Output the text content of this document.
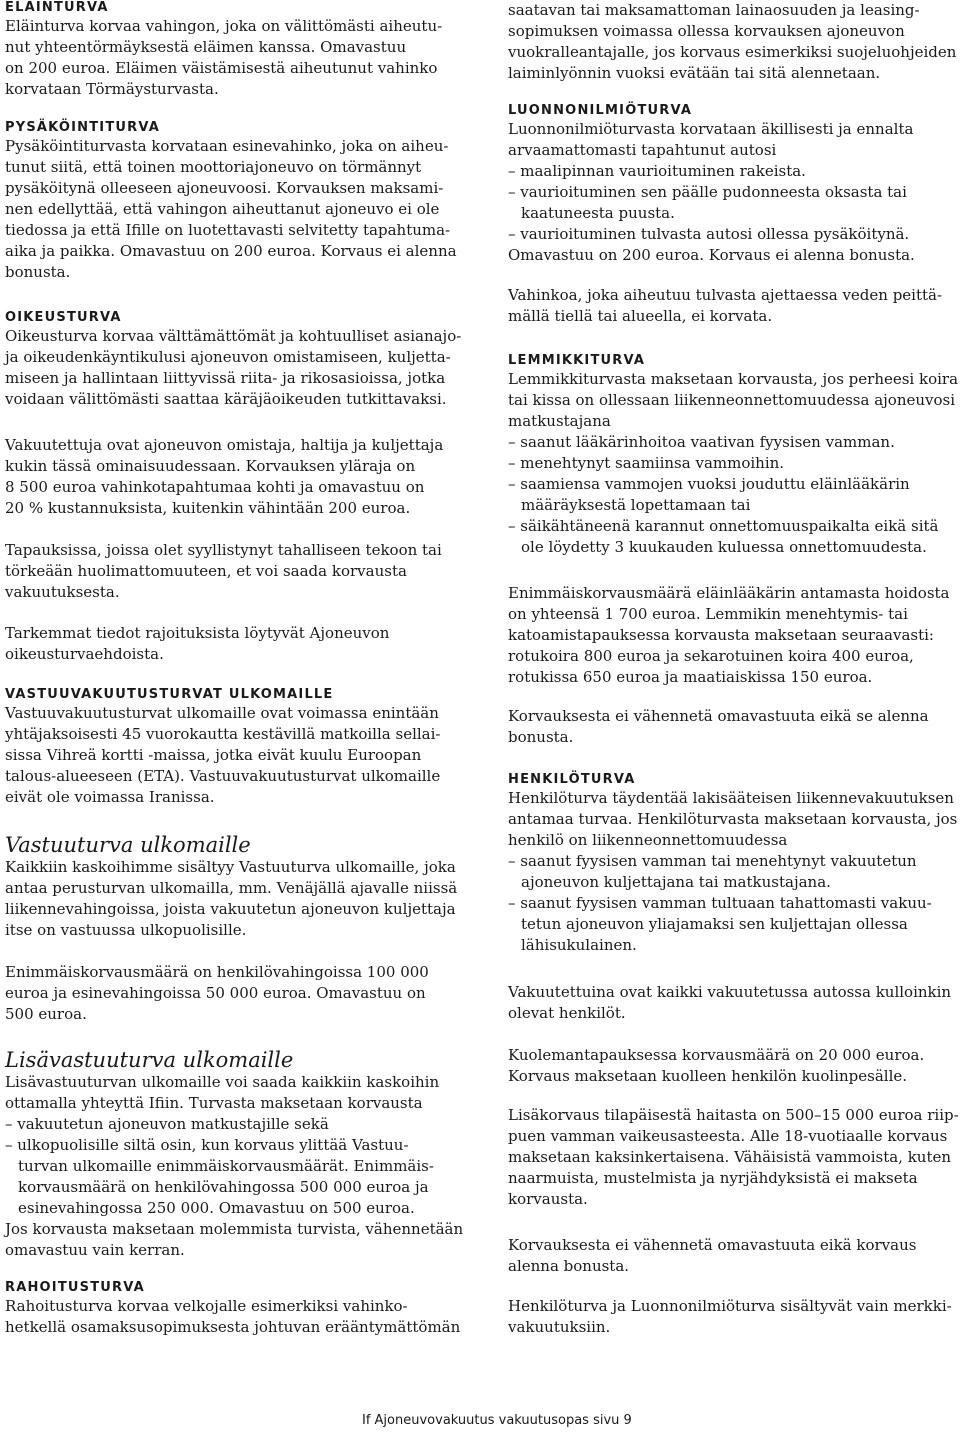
ELÄINTURVA
Eläinturva korvaa vahingon, joka on välittömästi aiheutu-
nut yhteentörmäyksestä eläimen kanssa. Omavastuu
on 200 euroa. Eläimen väistämisestä aiheutunut vahinko
korvataan Törmäysturvasta.
PYSÄKÖINTITURVA
Pysäköintiturvasta korvataan esinevahinko, joka on aiheu-
tunut siitä, että toinen moottoriajoneuvo on törmännyt
pysäköitynä olleeseen ajoneuvoosi. Korvauksen maksami-
nen edellyttää, että vahingon aiheuttanut ajoneuvo ei ole
tiedossa ja että Ifille on luotettavasti selvitetty tapahtuma-
aika ja paikka. Omavastuu on 200 euroa. Korvaus ei alenna
bonusta.
OIKEUSTURVA
Oikeusturva korvaa välttämättömät ja kohtuulliset asianajo-
ja oikeudenkäyntikulusi ajoneuvon omistamiseen, kuljetta-
miseen ja hallintaan liittyvissä riita- ja rikosasioissa, jotka
voidaan välittömästi saattaa käräjäoikeuden tutkittavaksi.
Vakuutettuja ovat ajoneuvon omistaja, haltija ja kuljettaja
kukin tässä ominaisuudessaan. Korvauksen yläraja on
8 500 euroa vahinkotapahtumaa kohti ja omavastuu on
20 % kustannuksista, kuitenkin vähintään 200 euroa.
Tapauksissa, joissa olet syyllistynyt tahalliseen tekoon tai
törkeään huolimattomuuteen, et voi saada korvausta
vakuutuksesta.
Tarkemmat tiedot rajoituksista löytyvät Ajoneuvon
oikeusturvaehdoista.
VASTUUVAKUUTUSTURVAT ULKOMAILLE
Vastuuvakuutusturvat ulkomaille ovat voimassa enintään
yhtäjaksoisesti 45 vuorokautta kestävillä matkoilla sellai-
sissa Vihreä kortti -maissa, jotka eivät kuulu Euroopan
talous-alueeseen (ETA). Vastuuvakuutusturvat ulkomaille
eivät ole voimassa Iranissa.
Vastuuturva ulkomaille
Kaikkiin kaskoihimme sisältyy Vastuuturva ulkomaille, joka
antaa perusturvan ulkomailla, mm. Venäjällä ajavalle niissä
liikennevahingoissa, joista vakuutetun ajoneuvon kuljettaja
itse on vastuussa ulkopuolisille.
Enimmäiskorvausmäärä on henkilövahingoissa 100 000
euroa ja esinevahingoissa 50 000 euroa. Omavastuu on
500 euroa.
Lisävastuuturva ulkomaille
Lisävastuuturvan ulkomaille voi saada kaikkiin kaskoihin
ottamalla yhteyttä Ifiin. Turvasta maksetaan korvausta
– vakuutetun ajoneuvon matkustajille sekä
– ulkopuolisille siltä osin, kun korvaus ylittää Vastuu-
turvan ulkomaille enimmäiskorvausmäärät. Enimmäis-
korvausmäärä on henkilövahingossa 500 000 euroa ja
esinevahingossa 250 000. Omavastuu on 500 euroa.
Jos korvausta maksetaan molemmista turvista, vähennetään
omavastuu vain kerran.
RAHOITUSTURVA
Rahoitusturva korvaa velkojalle esimerkiksi vahinko-
hetkellä osamaksusopimuksesta johtuvan erääntymättömän
saatavan tai maksamattoman lainaosuuden ja leasing-
sopimuksen voimassa ollessa korvauksen ajoneuvon
vuokralleantajalle, jos korvaus esimerkiksi suojeluohjeiden
laiminlyönnin vuoksi evätään tai sitä alennetaan.
LUONNONILMIÖTURVA
Luonnonilmiöturvasta korvataan äkillisesti ja ennalta
arvaamattomasti tapahtunut autosi
– maalipinnan vaurioituminen rakeista.
– vaurioituminen sen päälle pudonneesta oksasta tai
kaatuneesta puusta.
– vaurioituminen tulvasta autosi ollessa pysäköitynä.
Omavastuu on 200 euroa. Korvaus ei alenna bonusta.
Vahinkoa, joka aiheutuu tulvasta ajettaessa veden peittä-
mällä tiellä tai alueella, ei korvata.
LEMMIKKITURVA
Lemmikkiturvasta maksetaan korvausta, jos perheesi koira
tai kissa on ollessaan liikenneonnettomuudessa ajoneuvosi
matkustajana
– saanut lääkärinhoitoa vaativan fyysisen vamman.
– menehtynyt saamiinsa vammoihin.
– saamiensa vammojen vuoksi jouduttu eläinlääkärin
määräyksestä lopettamaan tai
– säikähtäneenä karannut onnettomuuspaikalta eikä sitä
ole löydetty 3 kuukauden kuluessa onnettomuudesta.
Enimmäiskorvausmäärä eläinlääkärin antamasta hoidosta
on yhteensä 1 700 euroa. Lemmikin menehtymis- tai
katoamistapauksessa korvausta maksetaan seuraavasti:
rotukoira 800 euroa ja sekarotuinen koira 400 euroa,
rotukissa 650 euroa ja maatiaiskissa 150 euroa.
Korvauksesta ei vähennetä omavastuuta eikä se alenna
bonusta.
HENKILÖTURVA
Henkilöturva täydentää lakisääteisen liikennevakuutuksen
antamaa turvaa. Henkilöturvasta maksetaan korvausta, jos
henkilö on liikenneonnettomuudessa
– saanut fyysisen vamman tai menehtynyt vakuutetun
ajoneuvon kuljettajana tai matkustajana.
– saanut fyysisen vamman tultuaan tahattomasti vakuu-
tetun ajoneuvon yliajamaksi sen kuljettajan ollessa
lähisukulainen.
Vakuutettuina ovat kaikki vakuutetussa autossa kulloinkin
olevat henkilöt.
Kuolemantapauksessa korvausmäärä on 20 000 euroa.
Korvaus maksetaan kuolleen henkilön kuolinpesälle.
Lisäkorvaus tilapäisestä haitasta on 500–15 000 euroa riip-
puen vamman vaikeusasteesta. Alle 18-vuotiaalle korvaus
maksetaan kaksinkertaisena. Vähäisistä vammoista, kuten
naarmuista, mustelmista ja nyrjähdyksistä ei makseta
korvausta.
Korvauksesta ei vähennetä omavastuuta eikä korvaus
alenna bonusta.
Henkilöturva ja Luonnonilmiöturva sisältyvät vain merkki-
vakuutuksiin.
If Ajoneuvovakuutus vakuutusopas sivu 9
